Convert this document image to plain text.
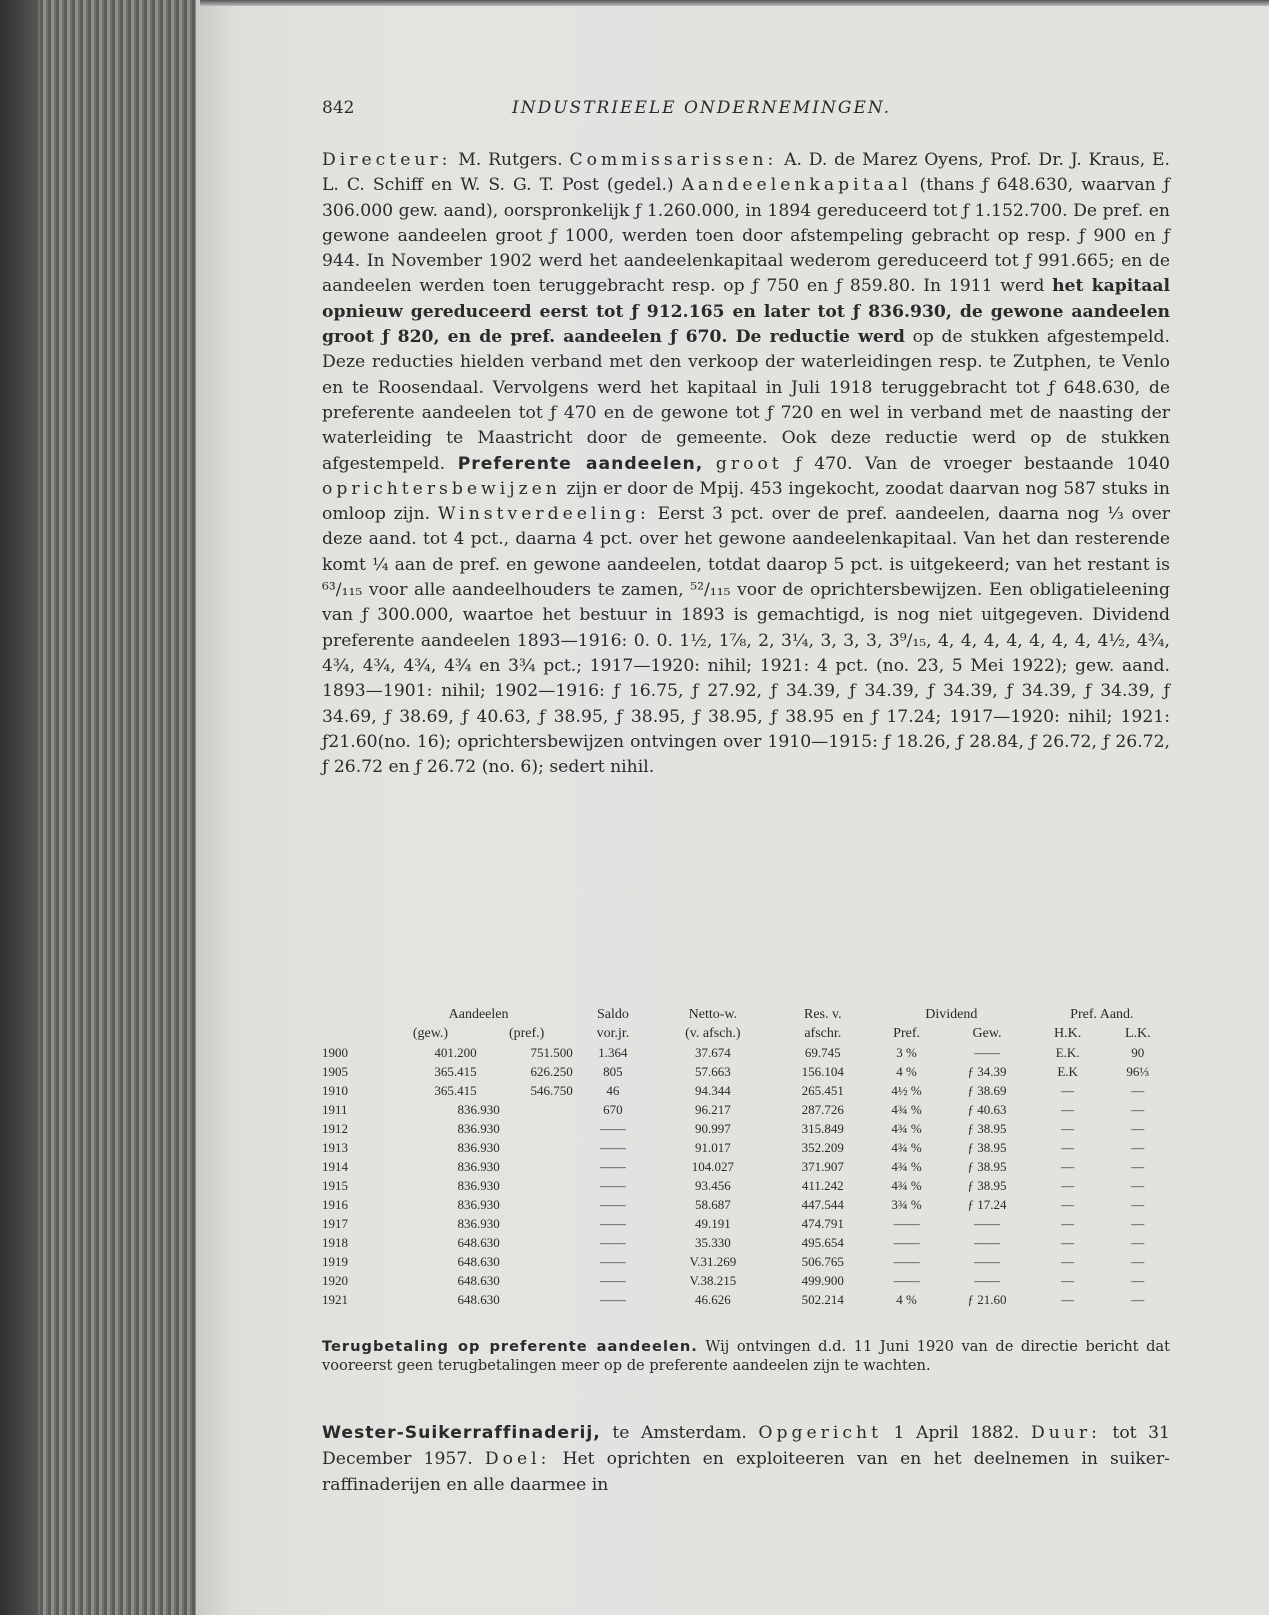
842	INDUSTRIEELE ONDERNEMINGEN.

Directeur: M. Rutgers. Commissarissen: A. D. de Marez Oyens, Prof. Dr. J. Kraus, E. L. C. Schiff en W. S. G. T. Post (gedel.) Aandeelenkapitaal (thans ƒ 648.630, waarvan ƒ 306.000 gew. aand), oorspronkelijk ƒ 1.260.000, in 1894 gereduceerd tot ƒ 1.152.700. De pref. en gewone aandeelen groot ƒ 1000, werden toen door afstempeling gebracht op resp. ƒ 900 en ƒ 944. In November 1902 werd het aandeelenkapitaal wederom gereduceerd tot ƒ 991.665; en de aandeelen werden toen teruggebracht resp. op ƒ 750 en ƒ 859.80. In 1911 werd het kapitaal opnieuw gereduceerd eerst tot ƒ 912.165 en later tot ƒ 836.930, de gewone aandeelen groot ƒ 820, en de pref. aandeelen ƒ 670. De reductie werd op de stukken afgestempeld. Deze reducties hielden verband met den verkoop der waterleidingen resp. te Zutphen, te Venlo en te Roosendaal. Vervolgens werd het kapitaal in Juli 1918 teruggebracht tot ƒ 648.630, de preferente aandeelen tot ƒ 470 en de gewone tot ƒ 720 en wel in verband met de naasting der waterleiding te Maastricht door de gemeente. Ook deze reductie werd op de stukken afgestempeld. Preferente aandeelen, groot ƒ 470. Van de vroeger bestaande 1040 oprichtersbewijzen zijn er door de Mpij. 453 ingekocht, zoodat daarvan nog 587 stuks in omloop zijn. Winstverdeeling: Eerst 3 pct. over de pref. aandeelen, daarna nog ⅓ over deze aand. tot 4 pct., daarna 4 pct. over het gewone aandeelenkapitaal. Van het dan resterende komt ¼ aan de pref. en gewone aandeelen, totdat daarop 5 pct. is uitgekeerd; van het restant is ⁶³/₁₁₅ voor alle aandeelhouders te zamen, ⁵²/₁₁₅ voor de oprichtersbewijzen. Een obligatieleening van ƒ 300.000, waartoe het bestuur in 1893 is gemachtigd, is nog niet uitgegeven. Dividend preferente aandeelen 1893—1916: 0. 0. 1½, 1⅞, 2, 3¼, 3, 3, 3, 3⁹/₁₅, 4, 4, 4, 4, 4, 4, 4, 4½, 4¾, 4¾, 4¾, 4¾, 4¾ en 3¾ pct.; 1917—1920: nihil; 1921: 4 pct. (no. 23, 5 Mei 1922); gew. aand. 1893—1901: nihil; 1902—1916: ƒ 16.75, ƒ 27.92, ƒ 34.39, ƒ 34.39, ƒ 34.39, ƒ 34.39, ƒ 34.39, ƒ 34.69, ƒ 38.69, ƒ 40.63, ƒ 38.95, ƒ 38.95, ƒ 38.95, ƒ 38.95 en ƒ 17.24; 1917—1920: nihil; 1921: ƒ21.60(no. 16); oprichtersbewijzen ontvingen over 1910—1915: ƒ 18.26, ƒ 28.84, ƒ 26.72, ƒ 26.72, ƒ 26.72 en ƒ 26.72 (no. 6); sedert nihil.

	Aandeelen		Saldo	Netto-w.	Res. v.	Dividend		Pref. Aand.	
	(gew.)	(pref.)	vor.jr.	(v. afsch.)	afschr.	Pref.	Gew.	H.K.	L.K.
1900	401.200	751.500	1.364	37.674	69.745	3 %	——	E.K.	90
1905	365.415	626.250	805	57.663	156.104	4 %	ƒ 34.39	E.K	96⅓
1910	365.415	546.750	46	94.344	265.451	4½ %	ƒ 38.69	—	—
1911	836.930		670	96.217	287.726	4¾ %	ƒ 40.63	—	—
1912	836.930		——	90.997	315.849	4¾ %	ƒ 38.95	—	—
1913	836.930		——	91.017	352.209	4¾ %	ƒ 38.95	—	—
1914	836.930		——	104.027	371.907	4¾ %	ƒ 38.95	—	—
1915	836.930		——	93.456	411.242	4¾ %	ƒ 38.95	—	—
1916	836.930		——	58.687	447.544	3¾ %	ƒ 17.24	—	—
1917	836.930		——	49.191	474.791	——	——	—	—
1918	648.630		——	35.330	495.654	——	——	—	—
1919	648.630		——	V.31.269	506.765	——	——	—	—
1920	648.630		——	V.38.215	499.900	——	——	—	—
1921	648.630		——	46.626	502.214	4 %	ƒ 21.60	—	—

Terugbetaling op preferente aandeelen. Wij ontvingen d.d. 11 Juni 1920 van de directie bericht dat vooreerst geen terugbetalingen meer op de preferente aandeelen zijn te wachten.

Wester-Suikerraffinaderij, te Amsterdam. Opgericht 1 April 1882. Duur: tot 31 December 1957. Doel: Het oprichten en exploiteeren van en het deelnemen in suiker-raffinaderijen en alle daarmee in
